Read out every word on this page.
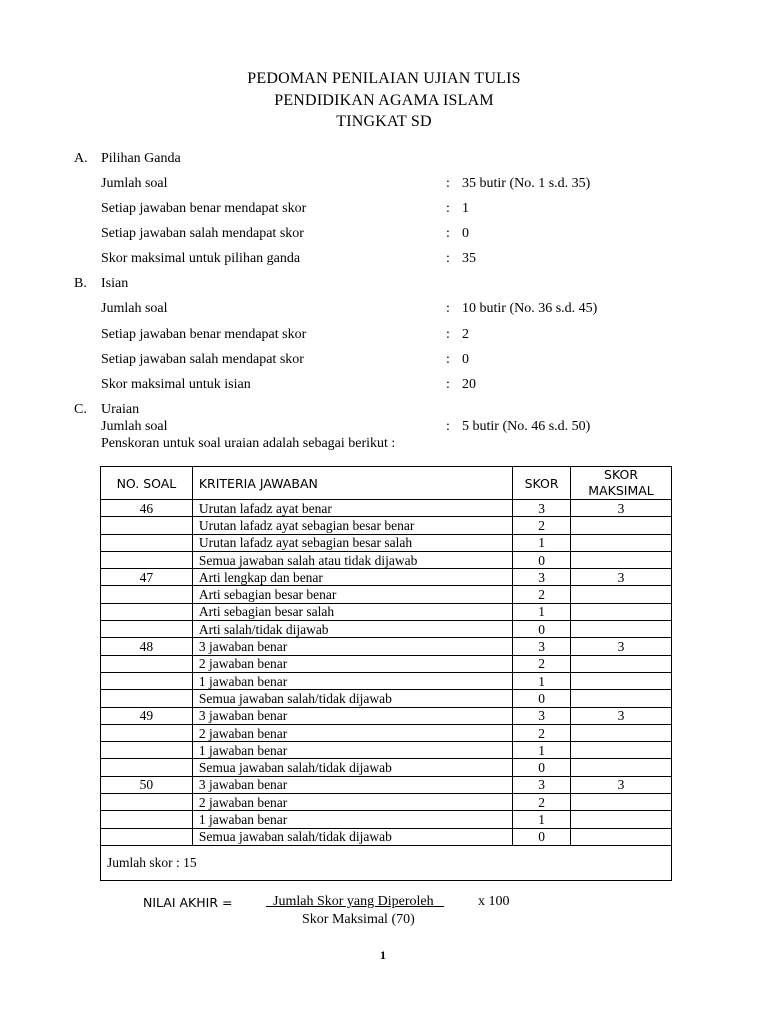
PEDOMAN PENILAIAN UJIAN TULIS
PENDIDIKAN AGAMA ISLAM
TINGKAT SD
A. Pilihan Ganda
Jumlah soal	: 35 butir (No. 1 s.d. 35)
Setiap jawaban benar mendapat skor	: 1
Setiap jawaban salah mendapat skor	: 0
Skor maksimal untuk pilihan ganda	: 35
B. Isian
Jumlah soal	: 10 butir (No. 36 s.d. 45)
Setiap jawaban benar mendapat skor	: 2
Setiap jawaban salah mendapat skor	: 0
Skor maksimal untuk isian	: 20
C. Uraian
Jumlah soal	: 5 butir (No. 46 s.d. 50)
Penskoran untuk soal uraian adalah sebagai berikut :
NO. SOAL	KRITERIA JAWABAN	SKOR	SKOR
MAKSIMAL

46	Urutan lafadz ayat benar	3	3
	Urutan lafadz ayat sebagian besar benar	2	
	Urutan lafadz ayat sebagian besar salah	1	
	Semua jawaban salah atau tidak dijawab	0	
47	Arti lengkap dan benar	3	3
	Arti sebagian besar benar	2	
	Arti sebagian besar salah	1	
	Arti salah/tidak dijawab	0	
48	3 jawaban benar	3	3
	2 jawaban benar	2	
	1 jawaban benar	1	
	Semua jawaban salah/tidak dijawab	0	
49	3 jawaban benar	3	3
	2 jawaban benar	2	
	1 jawaban benar	1	
	Semua jawaban salah/tidak dijawab	0	
50	3 jawaban benar	3	3
	2 jawaban benar	2	
	1 jawaban benar	1	
	Semua jawaban salah/tidak dijawab	0	
Jumlah skor : 15			
NILAI AKHIR =	Jumlah Skor yang Diperoleh	x 100
Skor Maksimal (70)
1
